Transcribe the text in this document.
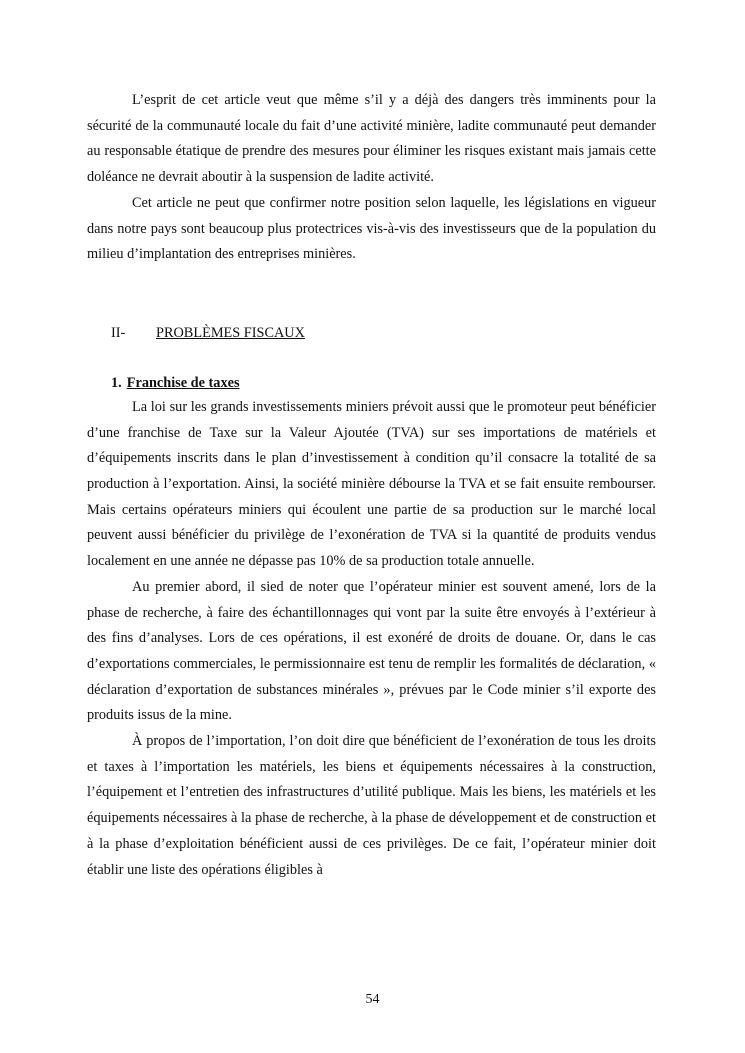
L’esprit de cet article veut que même s’il y a déjà des dangers très imminents pour la sécurité de la communauté locale du fait d’une activité minière, ladite communauté peut demander au responsable étatique de prendre des mesures pour éliminer les risques existant mais jamais cette doléance ne devrait aboutir à la suspension de ladite activité.

Cet article ne peut que confirmer notre position selon laquelle, les législations en vigueur dans notre pays sont beaucoup plus protectrices vis-à-vis des investisseurs que de la population du milieu d’implantation des entreprises minières.

II- PROBLÈMES FISCAUX
1. Franchise de taxes

La loi sur les grands investissements miniers prévoit aussi que le promoteur peut bénéficier d’une franchise de Taxe sur la Valeur Ajoutée (TVA) sur ses importations de matériels et d’équipements inscrits dans le plan d’investissement à condition qu’il consacre la totalité de sa production à l’exportation. Ainsi, la société minière débourse la TVA et se fait ensuite rembourser. Mais certains opérateurs miniers qui écoulent une partie de sa production sur le marché local peuvent aussi bénéficier du privilège de l’exonération de TVA si la quantité de produits vendus localement en une année ne dépasse pas 10% de sa production totale annuelle.

Au premier abord, il sied de noter que l’opérateur minier est souvent amené, lors de la phase de recherche, à faire des échantillonnages qui vont par la suite être envoyés à l’extérieur à des fins d’analyses. Lors de ces opérations, il est exonéré de droits de douane. Or, dans le cas d’exportations commerciales, le permissionnaire est tenu de remplir les formalités de déclaration, « déclaration d’exportation de substances minérales », prévues par le Code minier s’il exporte des produits issus de la mine.

À propos de l’importation, l’on doit dire que bénéficient de l’exonération de tous les droits et taxes à l’importation les matériels, les biens et équipements nécessaires à la construction, l’équipement et l’entretien des infrastructures d’utilité publique. Mais les biens, les matériels et les équipements nécessaires à la phase de recherche, à la phase de développement et de construction et à la phase d’exploitation bénéficient aussi de ces privilèges. De ce fait, l’opérateur minier doit établir une liste des opérations éligibles à

54
